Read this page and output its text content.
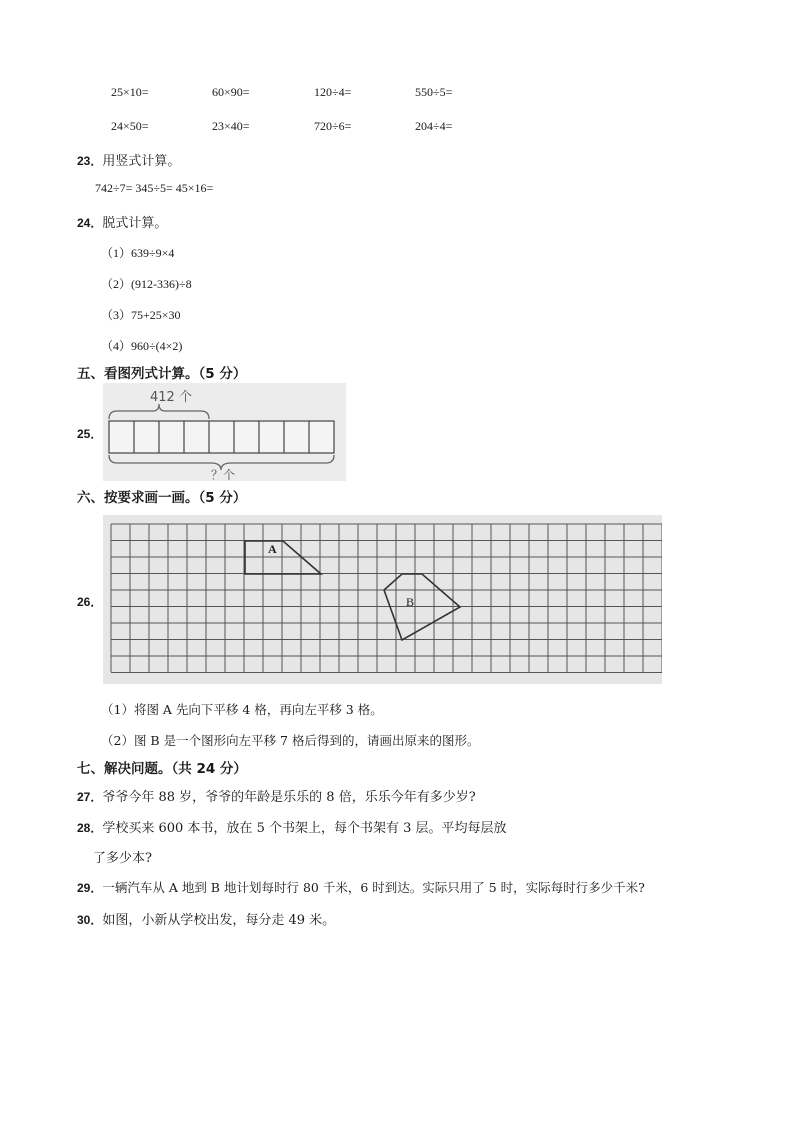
25×10=	60×90=	120÷4=	550÷5=
24×50=	23×40=	720÷6=	204÷4=
23．用竖式计算。
742÷7= 345÷5= 45×16=
24．脱式计算。
（1）639÷9×4
（2）(912-336)÷8
（3）75+25×30
（4）960÷(4×2)
五、看图列式计算。（5 分）
25．
412 个
？个
六、按要求画一画。（5 分）
26．
A
B
（1）将图 A 先向下平移 4 格，再向左平移 3 格。
（2）图 B 是一个图形向左平移 7 格后得到的，请画出原来的图形。
七、解决问题。（共 24 分）
27．爷爷今年 88 岁，爷爷的年龄是乐乐的 8 倍，乐乐今年有多少岁?
28．学校买来 600 本书，放在 5 个书架上，每个书架有 3 层。平均每层放
了多少本?
29．一辆汽车从 A 地到 B 地计划每时行 80 千米，6 时到达。实际只用了 5 时，实际每时行多少千米?
30．如图，小新从学校出发，每分走 49 米。
